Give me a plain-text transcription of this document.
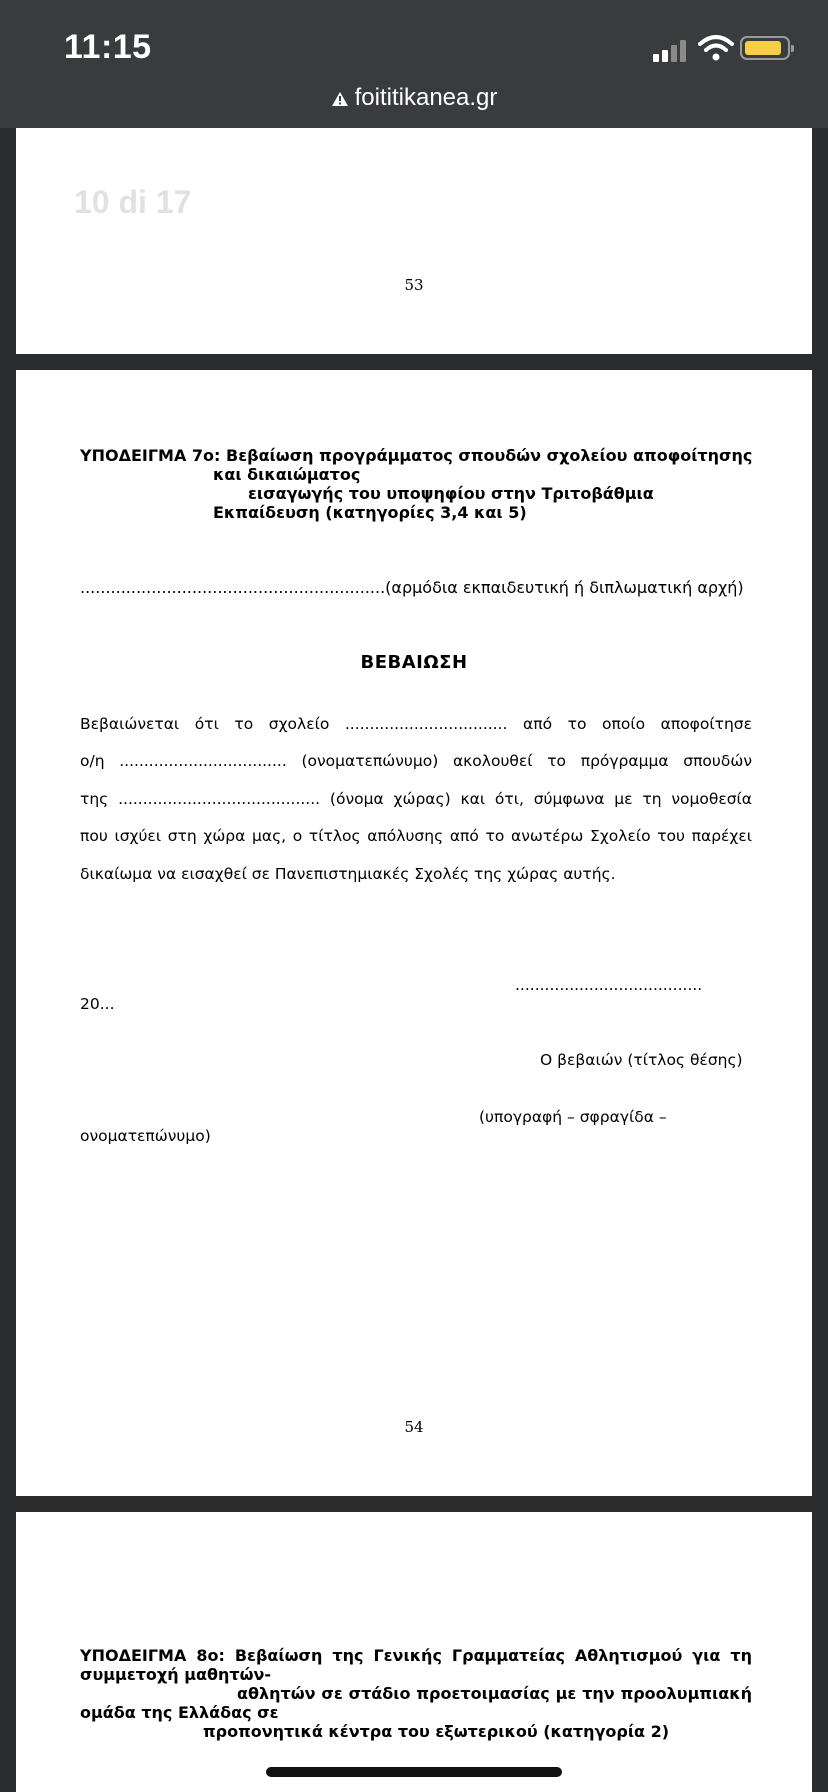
11:15
foititikanea.gr
10 di 17
53
ΥΠΟΔΕΙΓΜΑ 7ο: Βεβαίωση προγράμματος σπουδών σχολείου αποφοίτησης
και δικαιώματος
εισαγωγής του υποψηφίου στην Τριτοβάθμια
Εκπαίδευση (κατηγορίες 3,4 και 5)
............................................................(αρμόδια εκπαιδευτική ή διπλωματική αρχή)
ΒΕΒΑΙΩΣΗ
Βεβαιώνεται ότι το σχολείο ................................. από το οποίο αποφοίτησε
ο/η .................................. (ονοματεπώνυμο) ακολουθεί το πρόγραμμα σπουδών
της ......................................... (όνομα χώρας) και ότι, σύμφωνα με τη νομοθεσία
που ισχύει στη χώρα μας, ο τίτλος απόλυσης από το ανωτέρω Σχολείο του παρέχει
δικαίωμα να εισαχθεί σε Πανεπιστημιακές Σχολές της χώρας αυτής.
......................................
20...
Ο βεβαιών (τίτλος θέσης)
(υπογραφή – σφραγίδα –
ονοματεπώνυμο)
54
ΥΠΟΔΕΙΓΜΑ 8ο: Βεβαίωση της Γενικής Γραμματείας Αθλητισμού για τη
συμμετοχή μαθητών-
αθλητών σε στάδιο προετοιμασίας με την προολυμπιακή
ομάδα της Ελλάδας σε
προπονητικά κέντρα του εξωτερικού (κατηγορία 2)
